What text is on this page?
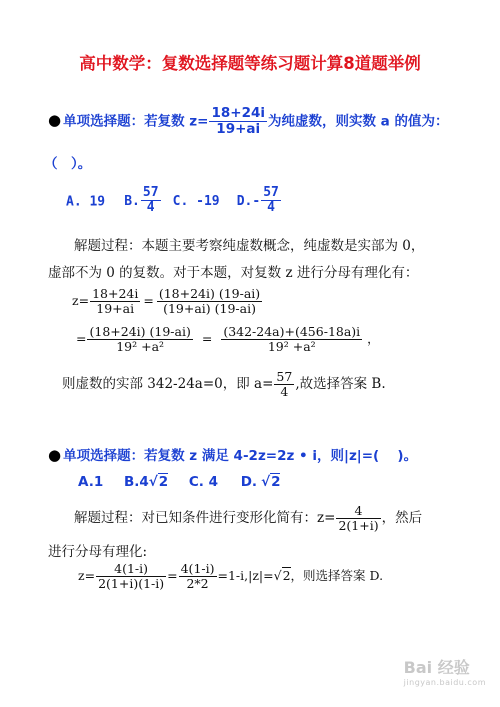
高中数学：复数选择题等练习题计算8道题举例
● 单项选择题：若复数 $z= \frac{18+24i}{19+ai}$ 为纯虚数，则实数 a 的值为：
（　）。
A. 19 B. $\frac{57}{4} C$. -19 $D.- \frac{57}{4}$
解题过程：本题主要考察纯虚数概念，纯虚数是实部为 0，
虚部不为 0 的复数。对于本题，对复数 z 进行分母有理化有：
$z= \frac{18+24i}{19+ai} = \frac{(18+24i) (19-ai)}{(19+ai) (19-ai)}$
= $\frac{(18+24i) (19-ai)}{\text{19² +a²}} = \frac{(342-24a)+(456-18a)i}{\text{19² +a²}}$ ，
则虚数的实部 342-24a=0，即 $a= \frac{57}{4}$ ,故选择答案 B.
● 单项选择题：若复数 z 满足 4-2z=2z • i，则|z|=(　 )。
A.1 B.4√2 C. 4 D. √2
解题过程：对已知条件进行变形化简有：$z= \frac{4}{2(1+i)}$ ，然后
进行分母有理化:
$z= \frac{4(1-i)}{2(1+i)(1-i)} = \frac{4(1-i)}{2*2} =1-i,|z|=√2$，则选择答案 D.
Bai 经验
jingyan.baidu.com
